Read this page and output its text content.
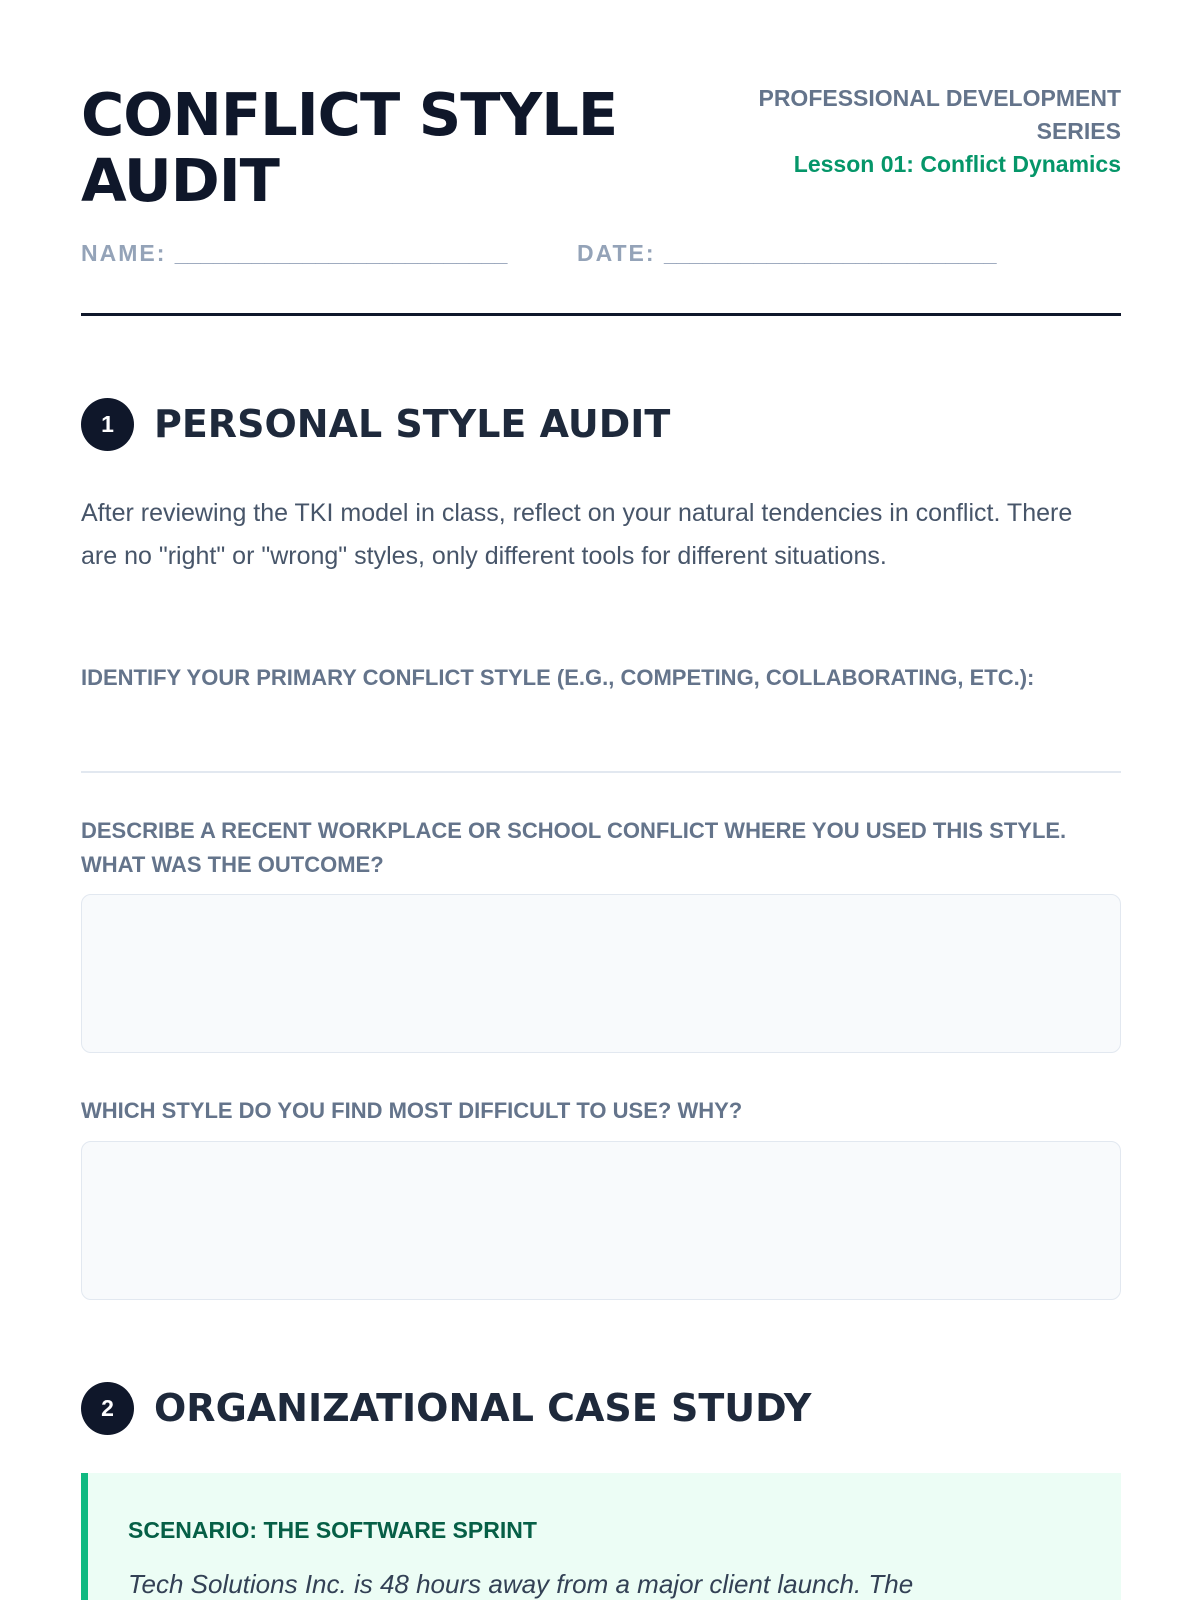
CONFLICT STYLE AUDIT
PROFESSIONAL DEVELOPMENT SERIES
Lesson 01: Conflict Dynamics
NAME: __________________________	DATE: __________________________
1	PERSONAL STYLE AUDIT

After reviewing the TKI model in class, reflect on your natural tendencies in conflict. There are no "right" or "wrong" styles, only different tools for different situations.

IDENTIFY YOUR PRIMARY CONFLICT STYLE (E.G., COMPETING, COLLABORATING, ETC.):

DESCRIBE A RECENT WORKPLACE OR SCHOOL CONFLICT WHERE YOU USED THIS STYLE. WHAT WAS THE OUTCOME?

WHICH STYLE DO YOU FIND MOST DIFFICULT TO USE? WHY?

2	ORGANIZATIONAL CASE STUDY
SCENARIO: THE SOFTWARE SPRINT

Tech Solutions Inc. is 48 hours away from a major client launch. The
